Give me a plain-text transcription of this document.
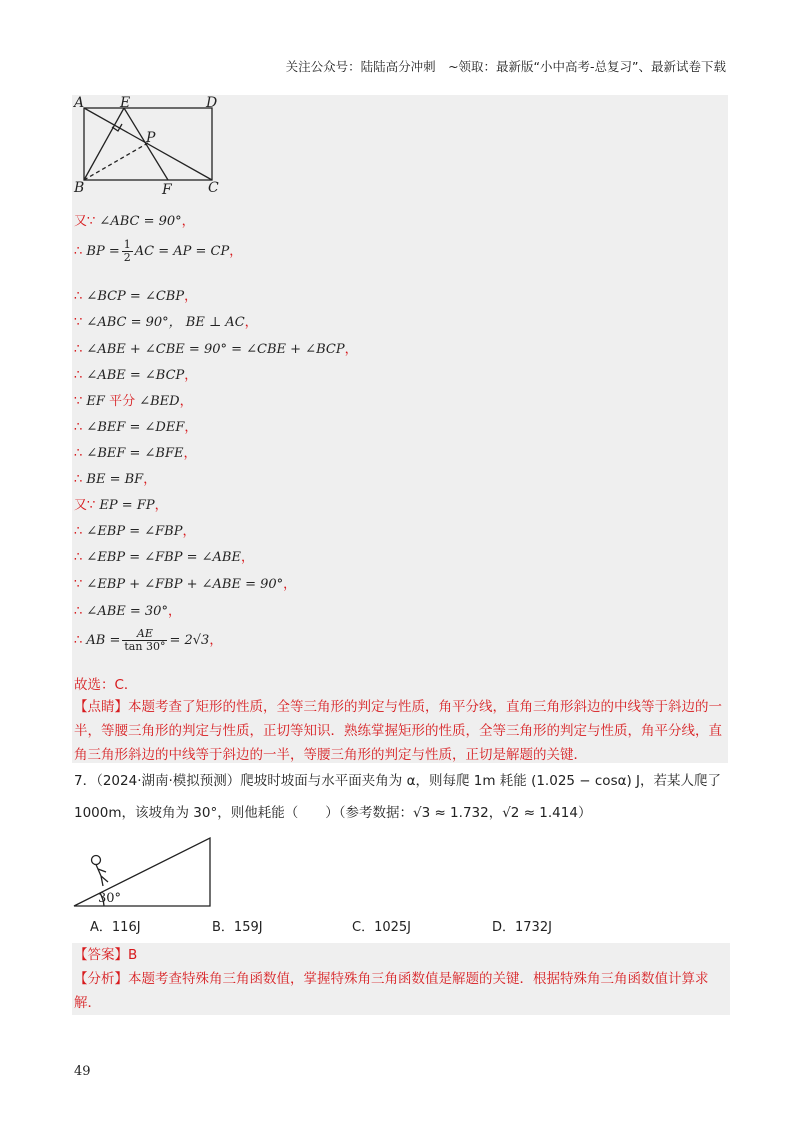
关注公众号：陆陆高分冲刺　~领取：最新版“小中高考-总复习”、最新试卷下载
A	E	D
P
B	F	C
又∵ ∠ABC = 90°，
∴ BP = $\frac{1}{2}$ AC = AP = CP，
∴ ∠BCP = ∠CBP，
∵ ∠ABC = 90°， BE ⊥ AC，
∴ ∠ABE + ∠CBE = 90° = ∠CBE + ∠BCP，
∴ ∠ABE = ∠BCP，
∵ EF 平分 ∠BED，
∴ ∠BEF = ∠DEF，
∴ ∠BEF = ∠BFE，
∴ BE = BF，
又∵ EP = FP，
∴ ∠EBP = ∠FBP，
∴ ∠EBP = ∠FBP = ∠ABE，
∵ ∠EBP + ∠FBP + ∠ABE = 90°，
∴ ∠ABE = 30°，
∴ AB = $\frac{AE}{\tan 30^\circ} = 2√3$，
故选：C．
【点睛】本题考查了矩形的性质，全等三角形的判定与性质，角平分线，直角三角形斜边的中线等于斜边的一半，等腰三角形的判定与性质，正切等知识．熟练掌握矩形的性质，全等三角形的判定与性质，角平分线，直角三角形斜边的中线等于斜边的一半，等腰三角形的判定与性质，正切是解题的关键．
7．（2024·湖南·模拟预测）爬坡时坡面与水平面夹角为 α，则每爬 1m 耗能 (1.025 − cosα) J，若某人爬了
1000m，该坡角为 30°，则他耗能（　　）（参考数据：√3 ≈ 1.732，√2 ≈ 1.414）
30°
A．116J	B．159J	C．1025J	D．1732J
【答案】B
【分析】本题考查特殊角三角函数值，掌握特殊角三角函数值是解题的关键．根据特殊角三角函数值计算求解．
49
